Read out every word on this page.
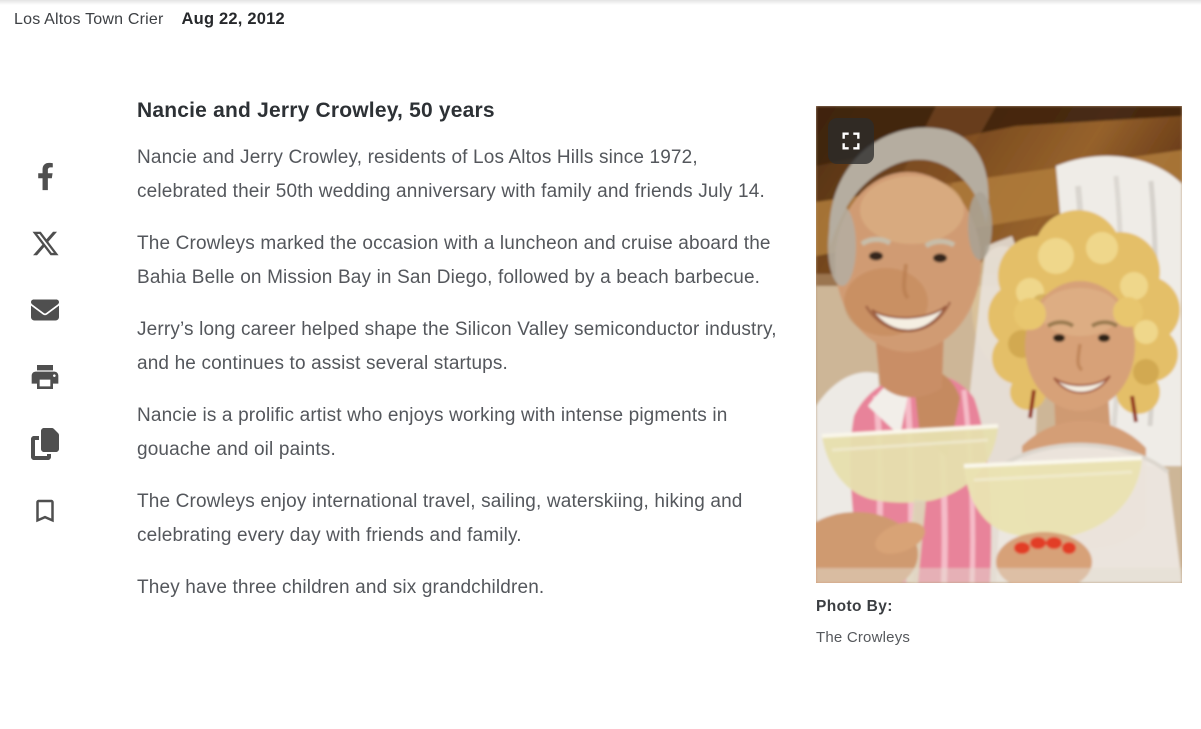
Los Altos Town Crier Aug 22, 2012
Nancie and Jerry Crowley, 50 years

Nancie and Jerry Crowley, residents of Los Altos Hills since 1972, celebrated their 50th wedding anniversary with family and friends July 14.

The Crowleys marked the occasion with a luncheon and cruise aboard the Bahia Belle on Mission Bay in San Diego, followed by a beach barbecue.

Jerry’s long career helped shape the Silicon Valley semiconductor industry, and he continues to assist several startups.

Nancie is a prolific artist who enjoys working with intense pigments in gouache and oil paints.

The Crowleys enjoy international travel, sailing, waterskiing, hiking and celebrating every day with friends and family.

They have three children and six grandchildren.

Photo By:
The Crowleys
